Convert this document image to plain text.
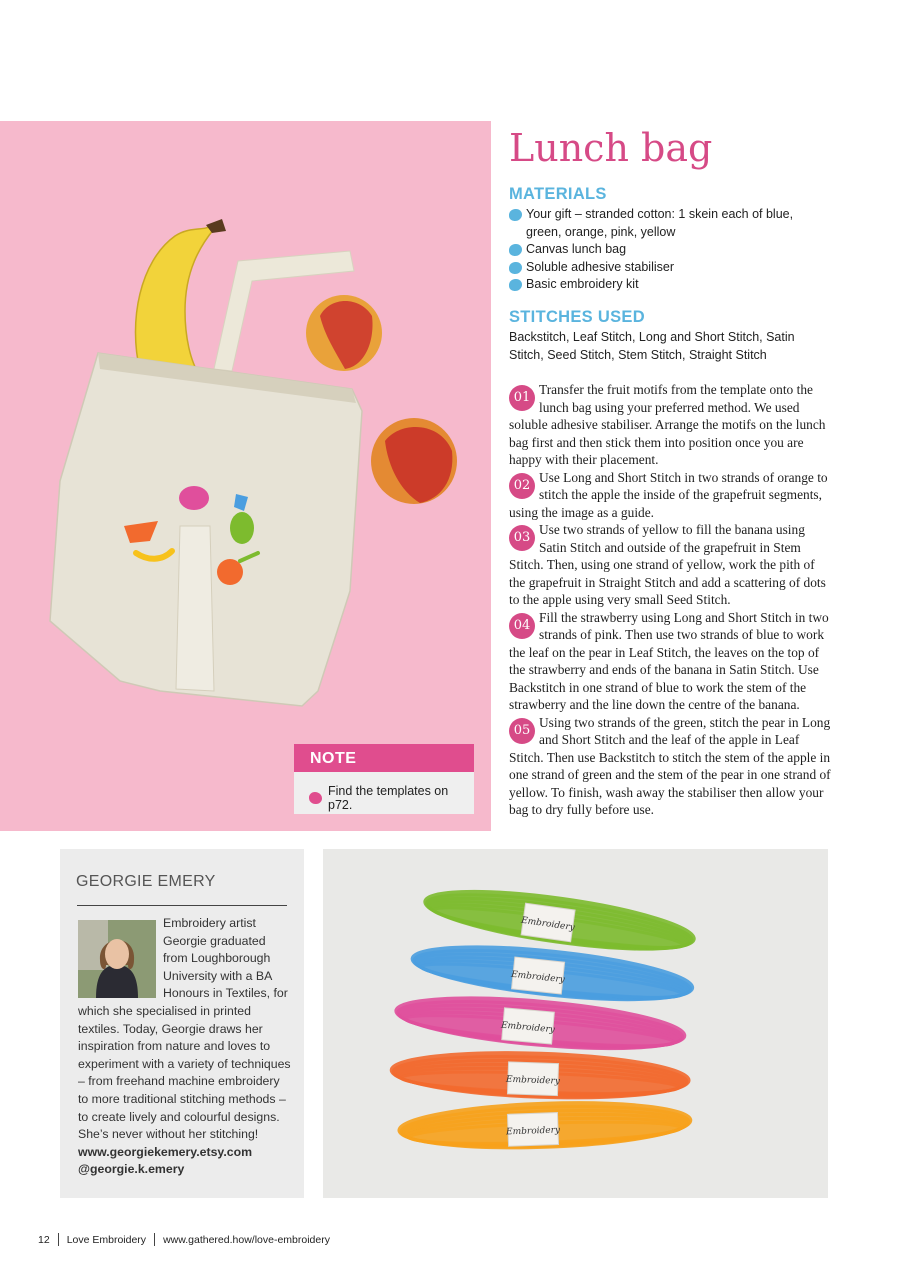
NOTE
Find the templates on p72.
Lunch bag
MATERIALS
Your gift – stranded cotton: 1 skein each of blue, green, orange, pink, yellow
Canvas lunch bag
Soluble adhesive stabiliser
Basic embroidery kit
STITCHES USED
Backstitch, Leaf Stitch, Long and Short Stitch, Satin Stitch, Seed Stitch, Stem Stitch, Straight Stitch

01
Transfer the fruit motifs from the template onto the lunch bag using your preferred method. We used soluble adhesive stabiliser. Arrange the motifs on the lunch bag first and then stick them into position once you are happy with their placement.

02
Use Long and Short Stitch in two strands of orange to stitch the apple the inside of the grapefruit segments, using the image as a guide.

03
Use two strands of yellow to fill the banana using Satin Stitch and outside of the grapefruit in Stem Stitch. Then, using one strand of yellow, work the pith of the grapefruit in Straight Stitch and add a scattering of dots to the apple using very small Seed Stitch.

04
Fill the strawberry using Long and Short Stitch in two strands of pink. Then use two strands of blue to work the leaf on the pear in Leaf Stitch, the leaves on the top of the strawberry and ends of the banana in Satin Stitch. Use Backstitch in one strand of blue to work the stem of the strawberry and the line down the centre of the banana.

05
Using two strands of the green, stitch the pear in Long and Short Stitch and the leaf of the apple in Leaf Stitch. Then use Backstitch to stitch the stem of the apple in one strand of green and the stem of the pear in one strand of yellow. To finish, wash away the stabiliser then allow your bag to dry fully before use.

GEORGIE EMERY
Embroidery artist Georgie graduated from Loughborough University with a BA Honours in Textiles, for which she specialised in printed textiles. Today, Georgie draws her inspiration from nature and loves to experiment with a variety of techniques – from freehand machine embroidery to more traditional stitching methods – to create lively and colourful designs. She’s never without her stitching!
www.georgiekemery.etsy.com
@georgie.k.emery
Embroidery
Embroidery
Embroidery
Embroidery
Embroidery
12 Love Embroidery www.gathered.how/love-embroidery
